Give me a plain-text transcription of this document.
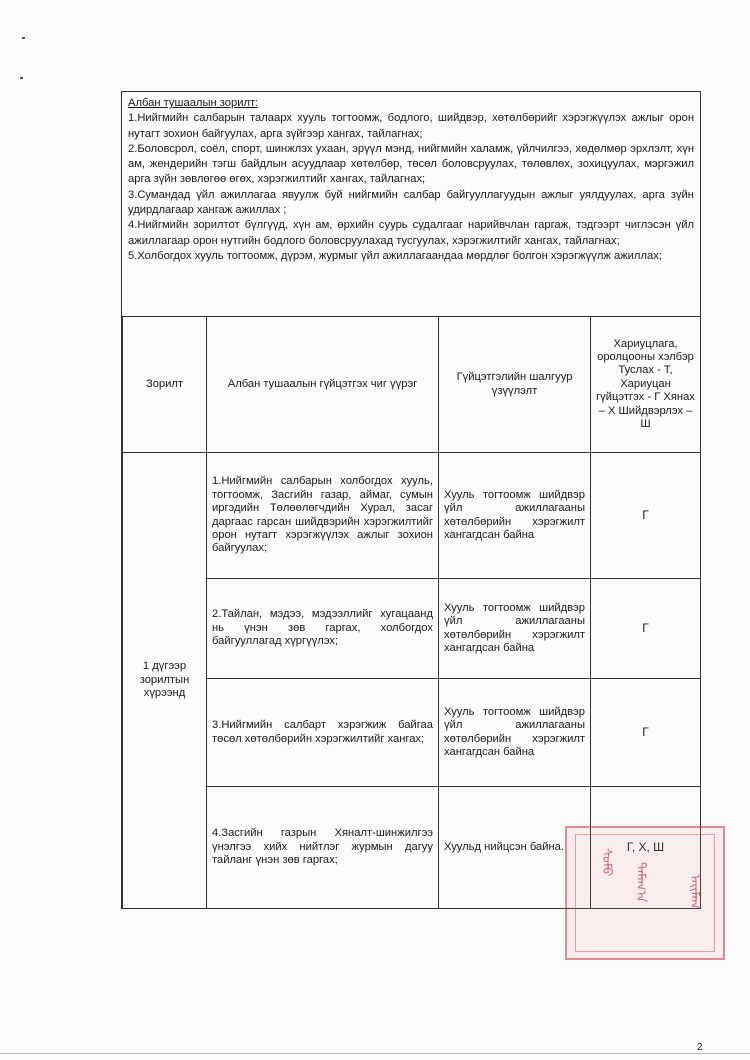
Албан тушаалын зорилт:

1.Нийгмийн салбарын талаарх хууль тогтоомж, бодлого, шийдвэр, хөтөлбөрийг хэрэгжүүлэх ажлыг орон нутагт зохион байгуулах, арга зүйгээр хангах, тайлагнах;

2.Боловсрол, соёл, спорт, шинжлэх ухаан, эрүүл мэнд, нийгмийн халамж, үйлчилгээ, хөдөлмөр эрхлэлт, хүн ам, жендерийн тэгш байдлын асуудлаар хөтөлбөр, төсөл боловсруулах, төлөвлөх, зохицуулах, мэргэжил арга зүйн зөвлөгөө өгөх, хэрэгжилтийг хангах, тайлагнах;

3.Сумандад үйл ажиллагаа явуулж буй нийгмийн салбар байгууллагуудын ажлыг уялдуулах, арга зүйн удирдлагаар хангаж ажиллах ;

4.Нийгмийн зорилтот бүлгүүд, хүн ам, өрхийн суурь судалгааг нарийвчлан гаргаж, тэдгээрт чиглэсэн үйл ажиллагаар орон нутгийн бодлого боловсруулахад тусгуулах, хэрэгжилтийг хангах, тайлагнах;

5.Холбогдох хууль тогтоомж, дүрэм, журмыг үйл ажиллагаандаа мөрдлөг болгон хэрэгжүүлж ажиллах;

Зорилт	Албан тушаалын гүйцэтгэх чиг үүрэг	Гүйцэтгэлийн шалгуур үзүүлэлт	Хариуцлага, оролцооны хэлбэр Туслах - Т, Хариуцан гүйцэтгэх - Г Хянах – Х Шийдвэрлэх – Ш
1 дүгээр зорилтын хүрээнд	1.Нийгмийн салбарын холбогдох хууль, тогтоомж, Засгийн газар, аймаг, сумын иргэдийн Төлөөлөгчдийн Хурал, засаг даргаас гарсан шийдвэрийн хэрэгжилтийг орон нутагт хэрэгжүүлэх ажлыг зохион байгуулах;	Хууль тогтоомж шийдвэр үйл ажиллагааны хөтөлбөрийн хэрэгжилт хангагдсан байна	Г
	2.Тайлан, мэдээ, мэдээллийг хугацаанд нь үнэн зөв гаргах, холбогдох байгууллагад хүргүүлэх;	Хууль тогтоомж шийдвэр үйл ажиллагааны хөтөлбөрийн хэрэгжилт хангагдсан байна	Г
	3.Нийгмийн салбарт хэрэгжиж байгаа төсөл хөтөлбөрийн хэрэгжилтийг хангах;	Хууль тогтоомж шийдвэр үйл ажиллагааны хөтөлбөрийн хэрэгжилт хангагдсан байна	Г
	4.Засгийн газрын Хяналт-шинжилгээ үнэлгээ хийх нийтлэг журмын дагуу тайланг үнэн зөв гаргах;	Хуульд нийцсэн байна.	Г, Х, Ш
ᠰᠤᠮᠤ	ᠲᠠᠮᠠᠭ᠎ᠠ	ᠠᠢᠮᠠᠭ
2
